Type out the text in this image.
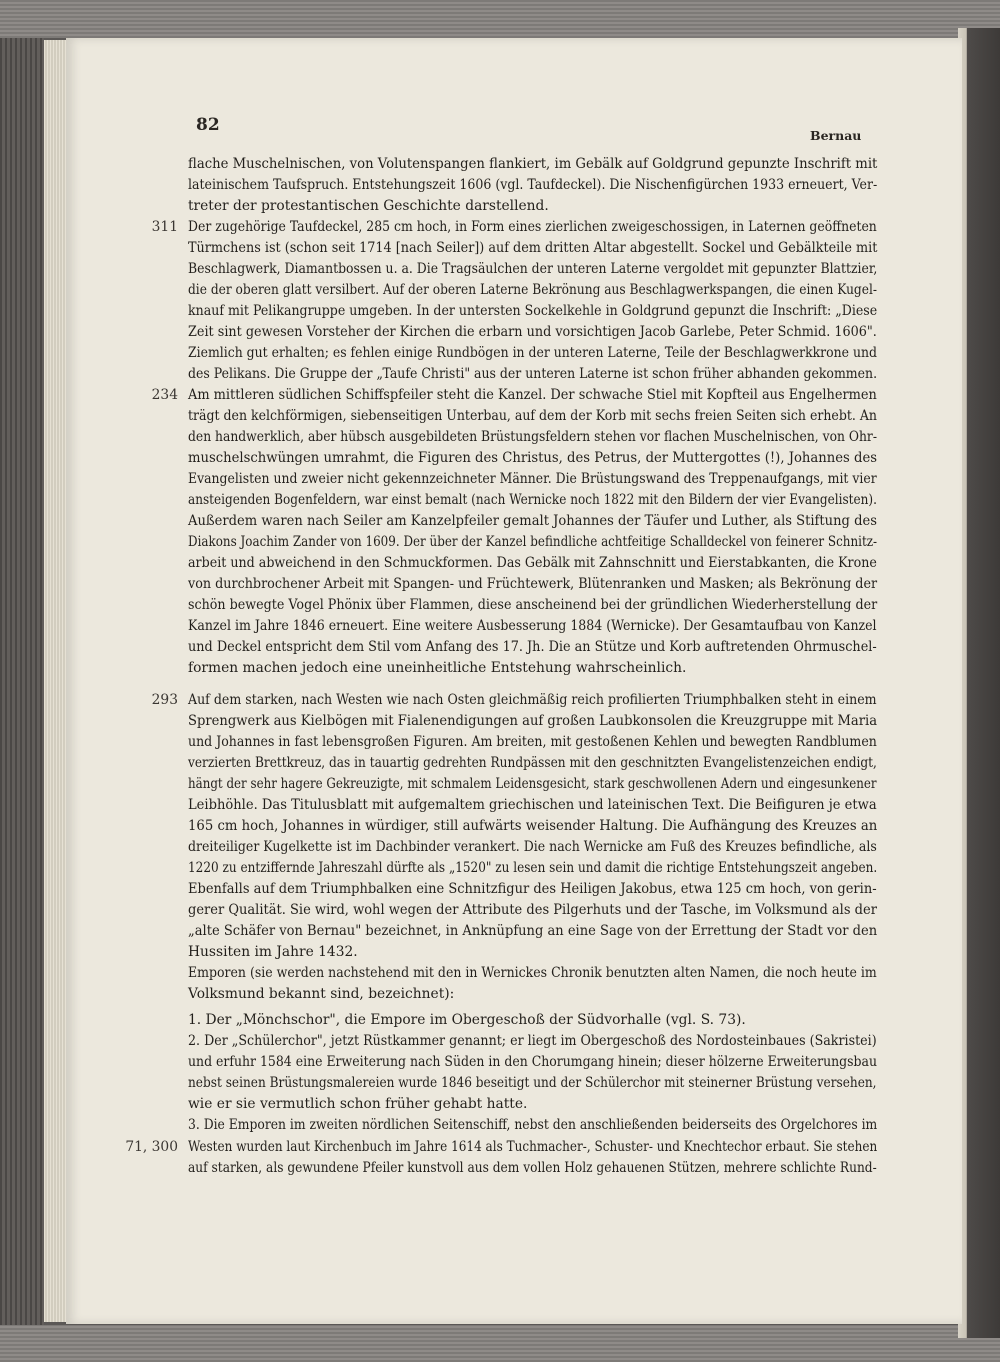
82
Bernau
311
234
293
71, 300
flache Muschelnischen, von Volutenspangen flankiert, im Gebälk auf Goldgrund gepunzte Inschrift mit
lateinischem Taufspruch. Entstehungszeit 1606 (vgl. Taufdeckel). Die Nischenfigürchen 1933 erneuert, Ver-
treter der protestantischen Geschichte darstellend.
Der zugehörige Taufdeckel, 285 cm hoch, in Form eines zierlichen zweigeschossigen, in Laternen geöffneten
Türmchens ist (schon seit 1714 [nach Seiler]) auf dem dritten Altar abgestellt. Sockel und Gebälkteile mit
Beschlagwerk, Diamantbossen u. a. Die Tragsäulchen der unteren Laterne vergoldet mit gepunzter Blattzier,
die der oberen glatt versilbert. Auf der oberen Laterne Bekrönung aus Beschlagwerkspangen, die einen Kugel-
knauf mit Pelikangruppe umgeben. In der untersten Sockelkehle in Goldgrund gepunzt die Inschrift: „Diese
Zeit sint gewesen Vorsteher der Kirchen die erbarn und vorsichtigen Jacob Garlebe, Peter Schmid. 1606".
Ziemlich gut erhalten; es fehlen einige Rundbögen in der unteren Laterne, Teile der Beschlagwerkkrone und
des Pelikans. Die Gruppe der „Taufe Christi" aus der unteren Laterne ist schon früher abhanden gekommen.
Am mittleren südlichen Schiffspfeiler steht die Kanzel. Der schwache Stiel mit Kopfteil aus Engelhermen
trägt den kelchförmigen, siebenseitigen Unterbau, auf dem der Korb mit sechs freien Seiten sich erhebt. An
den handwerklich, aber hübsch ausgebildeten Brüstungsfeldern stehen vor flachen Muschelnischen, von Ohr-
muschelschwüngen umrahmt, die Figuren des Christus, des Petrus, der Muttergottes (!), Johannes des
Evangelisten und zweier nicht gekennzeichneter Männer. Die Brüstungswand des Treppenaufgangs, mit vier
ansteigenden Bogenfeldern, war einst bemalt (nach Wernicke noch 1822 mit den Bildern der vier Evangelisten).
Außerdem waren nach Seiler am Kanzelpfeiler gemalt Johannes der Täufer und Luther, als Stiftung des
Diakons Joachim Zander von 1609. Der über der Kanzel befindliche achtfeitige Schalldeckel von feinerer Schnitz-
arbeit und abweichend in den Schmuckformen. Das Gebälk mit Zahnschnitt und Eierstabkanten, die Krone
von durchbrochener Arbeit mit Spangen- und Früchtewerk, Blütenranken und Masken; als Bekrönung der
schön bewegte Vogel Phönix über Flammen, diese anscheinend bei der gründlichen Wiederherstellung der
Kanzel im Jahre 1846 erneuert. Eine weitere Ausbesserung 1884 (Wernicke). Der Gesamtaufbau von Kanzel
und Deckel entspricht dem Stil vom Anfang des 17. Jh. Die an Stütze und Korb auftretenden Ohrmuschel-
formen machen jedoch eine uneinheitliche Entstehung wahrscheinlich.
Auf dem starken, nach Westen wie nach Osten gleichmäßig reich profilierten Triumphbalken steht in einem
Sprengwerk aus Kielbögen mit Fialenendigungen auf großen Laubkonsolen die Kreuzgruppe mit Maria
und Johannes in fast lebensgroßen Figuren. Am breiten, mit gestoßenen Kehlen und bewegten Randblumen
verzierten Brettkreuz, das in tauartig gedrehten Rundpässen mit den geschnitzten Evangelistenzeichen endigt,
hängt der sehr hagere Gekreuzigte, mit schmalem Leidensgesicht, stark geschwollenen Adern und eingesunkener
Leibhöhle. Das Titulusblatt mit aufgemaltem griechischen und lateinischen Text. Die Beifiguren je etwa
165 cm hoch, Johannes in würdiger, still aufwärts weisender Haltung. Die Aufhängung des Kreuzes an
dreiteiliger Kugelkette ist im Dachbinder verankert. Die nach Wernicke am Fuß des Kreuzes befindliche, als
1220 zu entziffernde Jahreszahl dürfte als „1520" zu lesen sein und damit die richtige Entstehungszeit angeben.
Ebenfalls auf dem Triumphbalken eine Schnitzfigur des Heiligen Jakobus, etwa 125 cm hoch, von gerin-
gerer Qualität. Sie wird, wohl wegen der Attribute des Pilgerhuts und der Tasche, im Volksmund als der
„alte Schäfer von Bernau" bezeichnet, in Anknüpfung an eine Sage von der Errettung der Stadt vor den
Hussiten im Jahre 1432.
Emporen (sie werden nachstehend mit den in Wernickes Chronik benutzten alten Namen, die noch heute im
Volksmund bekannt sind, bezeichnet):
1. Der „Mönchschor", die Empore im Obergeschoß der Südvorhalle (vgl. S. 73).
2. Der „Schülerchor", jetzt Rüstkammer genannt; er liegt im Obergeschoß des Nordosteinbaues (Sakristei)
und erfuhr 1584 eine Erweiterung nach Süden in den Chorumgang hinein; dieser hölzerne Erweiterungsbau
nebst seinen Brüstungsmalereien wurde 1846 beseitigt und der Schülerchor mit steinerner Brüstung versehen,
wie er sie vermutlich schon früher gehabt hatte.
3. Die Emporen im zweiten nördlichen Seitenschiff, nebst den anschließenden beiderseits des Orgelchores im
Westen wurden laut Kirchenbuch im Jahre 1614 als Tuchmacher-, Schuster- und Knechtechor erbaut. Sie stehen
auf starken, als gewundene Pfeiler kunstvoll aus dem vollen Holz gehauenen Stützen, mehrere schlichte Rund-
